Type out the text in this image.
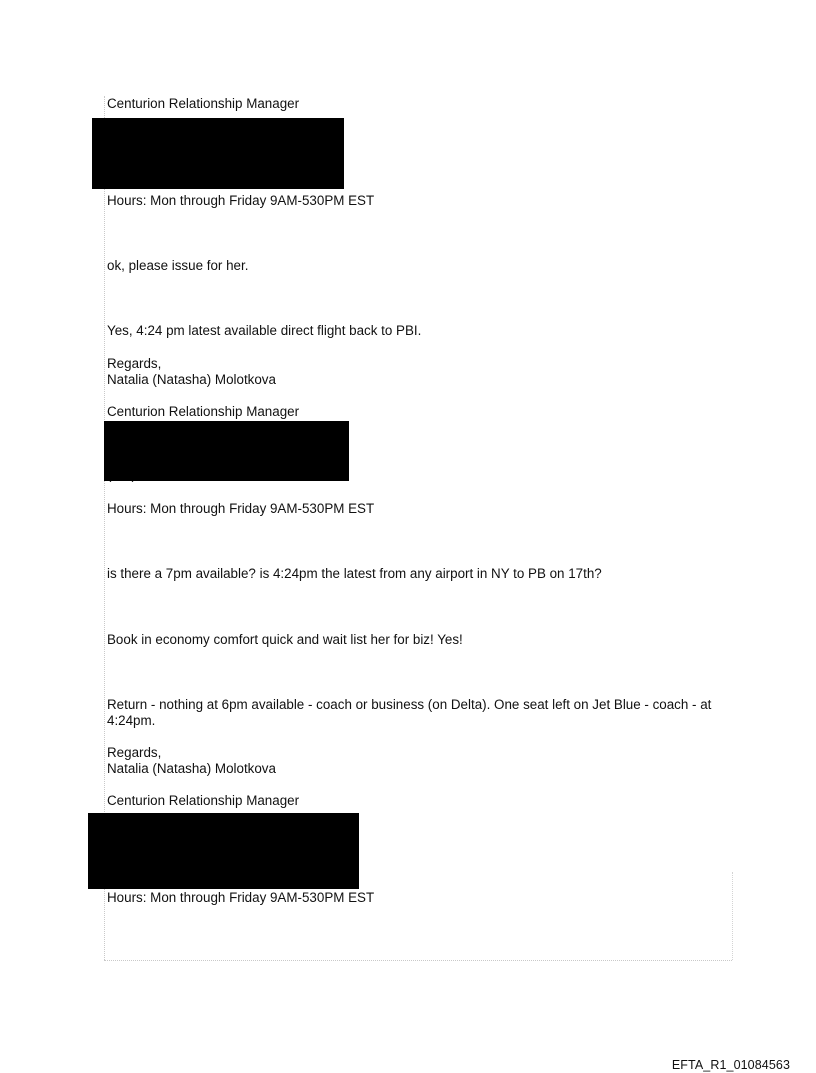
Centurion Relationship Manager
Hours: Mon through Friday 9AM-530PM EST
ok, please issue for her.
Yes, 4:24 pm latest available direct flight back to PBI.
Regards,
Natalia (Natasha) Molotkova
Centurion Relationship Manager
Hours: Mon through Friday 9AM-530PM EST
is there a 7pm available? is 4:24pm the latest from any airport in NY to PB on 17th?
Book in economy comfort quick and wait list her for biz! Yes!
Return - nothing at 6pm available - coach or business (on Delta). One seat left on Jet Blue - coach - at 4:24pm.
Regards,
Natalia (Natasha) Molotkova
Centurion Relationship Manager
Hours: Mon through Friday 9AM-530PM EST
EFTA_R1_01084563
